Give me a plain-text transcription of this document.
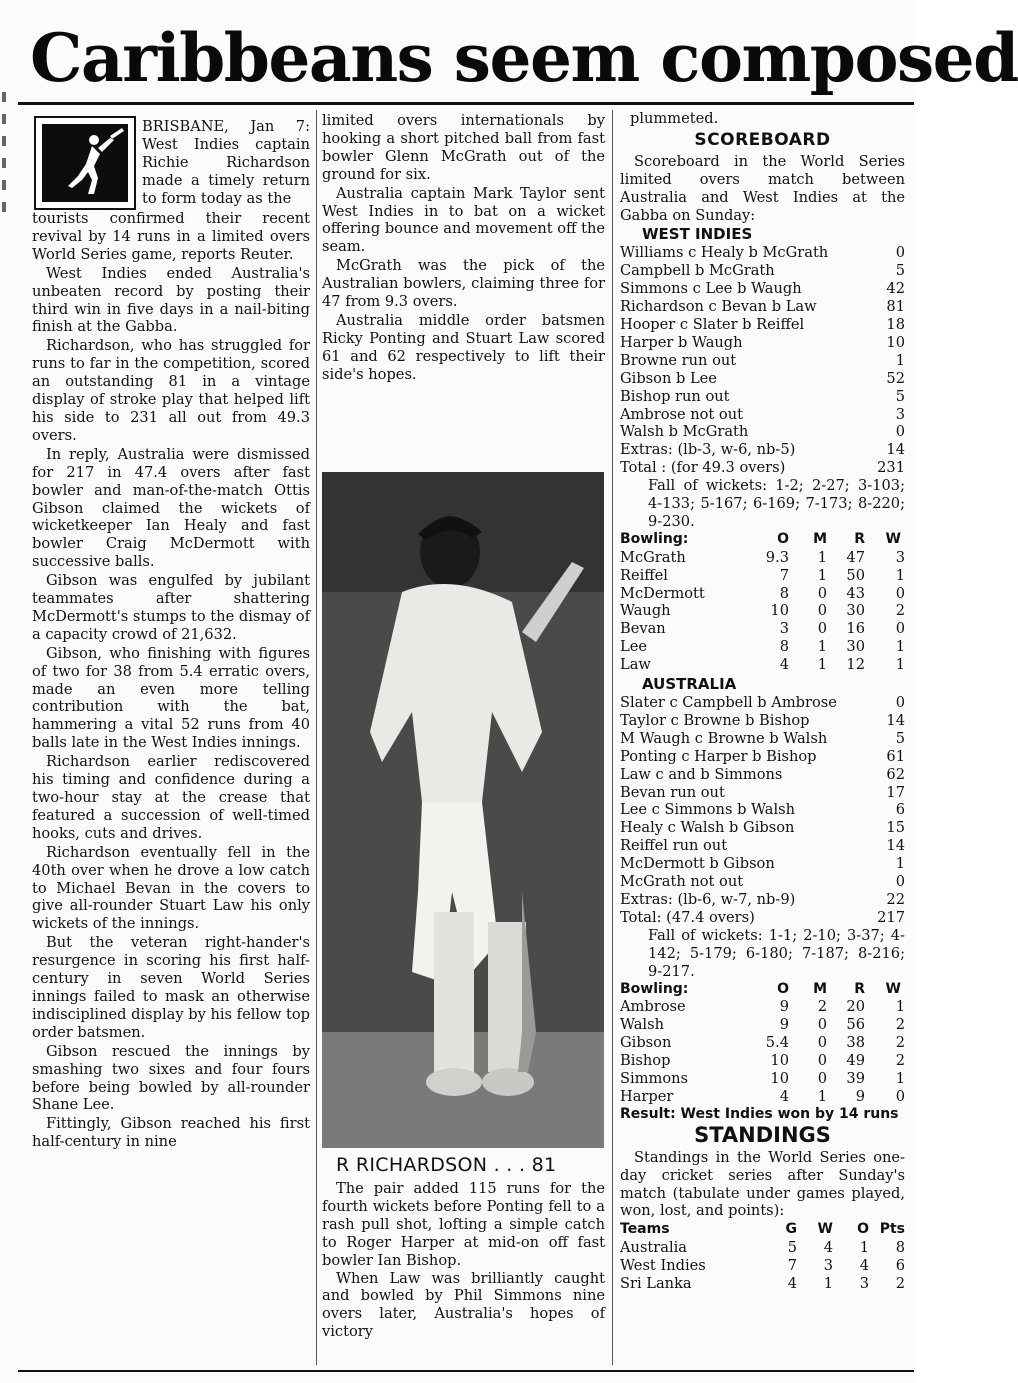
Caribbeans seem composed

BRISBANE, Jan 7: West Indies captain Richie Richardson made a timely return to form today as the

tourists confirmed their recent revival by 14 runs in a limited overs World Series game, reports Reuter.

West Indies ended Australia's unbeaten record by posting their third win in five days in a nail-biting finish at the Gabba.

Richardson, who has struggled for runs to far in the competition, scored an outstanding 81 in a vintage display of stroke play that helped lift his side to 231 all out from 49.3 overs.

In reply, Australia were dismissed for 217 in 47.4 overs after fast bowler and man-of-the-match Ottis Gibson claimed the wickets of wicketkeeper Ian Healy and fast bowler Craig McDermott with successive balls.

Gibson was engulfed by jubilant teammates after shattering McDermott's stumps to the dismay of a capacity crowd of 21,632.

Gibson, who finishing with figures of two for 38 from 5.4 erratic overs, made an even more telling contribution with the bat, hammering a vital 52 runs from 40 balls late in the West Indies innings.

Richardson earlier rediscovered his timing and confidence during a two-hour stay at the crease that featured a succession of well-timed hooks, cuts and drives.

Richardson eventually fell in the 40th over when he drove a low catch to Michael Bevan in the covers to give all-rounder Stuart Law his only wickets of the innings.

But the veteran right-hander's resurgence in scoring his first half-century in seven World Series innings failed to mask an otherwise indisciplined display by his fellow top order batsmen.

Gibson rescued the innings by smashing two sixes and four fours before being bowled by all-rounder Shane Lee.

Fittingly, Gibson reached his first half-century in nine

limited overs internationals by hooking a short pitched ball from fast bowler Glenn McGrath out of the ground for six.

Australia captain Mark Taylor sent West Indies in to bat on a wicket offering bounce and movement off the seam.

McGrath was the pick of the Australian bowlers, claiming three for 47 from 9.3 overs.

Australia middle order batsmen Ricky Ponting and Stuart Law scored 61 and 62 respectively to lift their side's hopes.

R RICHARDSON . . . 81

The pair added 115 runs for the fourth wickets before Ponting fell to a rash pull shot, lofting a simple catch to Roger Harper at mid-on off fast bowler Ian Bishop.

When Law was brilliantly caught and bowled by Phil Simmons nine overs later, Australia's hopes of victory

plummeted.

SCOREBOARD

Scoreboard in the World Series limited overs match between Australia and West Indies at the Gabba on Sunday:

WEST INDIES
Williams c Healy b McGrath	0
Campbell b McGrath	5
Simmons c Lee b Waugh	42
Richardson c Bevan b Law	81
Hooper c Slater b Reiffel	18
Harper b Waugh	10
Browne run out	1
Gibson b Lee	52
Bishop run out	5
Ambrose not out	3
Walsh b McGrath	0
Extras: (lb-3, w-6, nb-5)	14
Total : (for 49.3 overs)	231
Fall of wickets: 1-2; 2-27; 3-103; 4-133; 5-167; 6-169; 7-173; 8-220; 9-230.
Bowling:	O	M	R	W
McGrath	9.3	1	47	3
Reiffel	7	1	50	1
McDermott	8	0	43	0
Waugh	10	0	30	2
Bevan	3	0	16	0
Lee	8	1	30	1
Law	4	1	12	1
AUSTRALIA
Slater c Campbell b Ambrose	0
Taylor c Browne b Bishop	14
M Waugh c Browne b Walsh	5
Ponting c Harper b Bishop	61
Law c and b Simmons	62
Bevan run out	17
Lee c Simmons b Walsh	6
Healy c Walsh b Gibson	15
Reiffel run out	14
McDermott b Gibson	1
McGrath not out	0
Extras: (lb-6, w-7, nb-9)	22
Total: (47.4 overs)	217
Fall of wickets: 1-1; 2-10; 3-37; 4-142; 5-179; 6-180; 7-187; 8-216; 9-217.
Bowling:	O	M	R	W
Ambrose	9	2	20	1
Walsh	9	0	56	2
Gibson	5.4	0	38	2
Bishop	10	0	49	2
Simmons	10	0	39	1
Harper	4	1	9	0
Result: West Indies won by 14 runs
STANDINGS

Standings in the World Series one-day cricket series after Sunday's match (tabulate under games played, won, lost, and points):

Teams	G	W	O	Pts
Australia	5	4	1	8
West Indies	7	3	4	6
Sri Lanka	4	1	3	2
